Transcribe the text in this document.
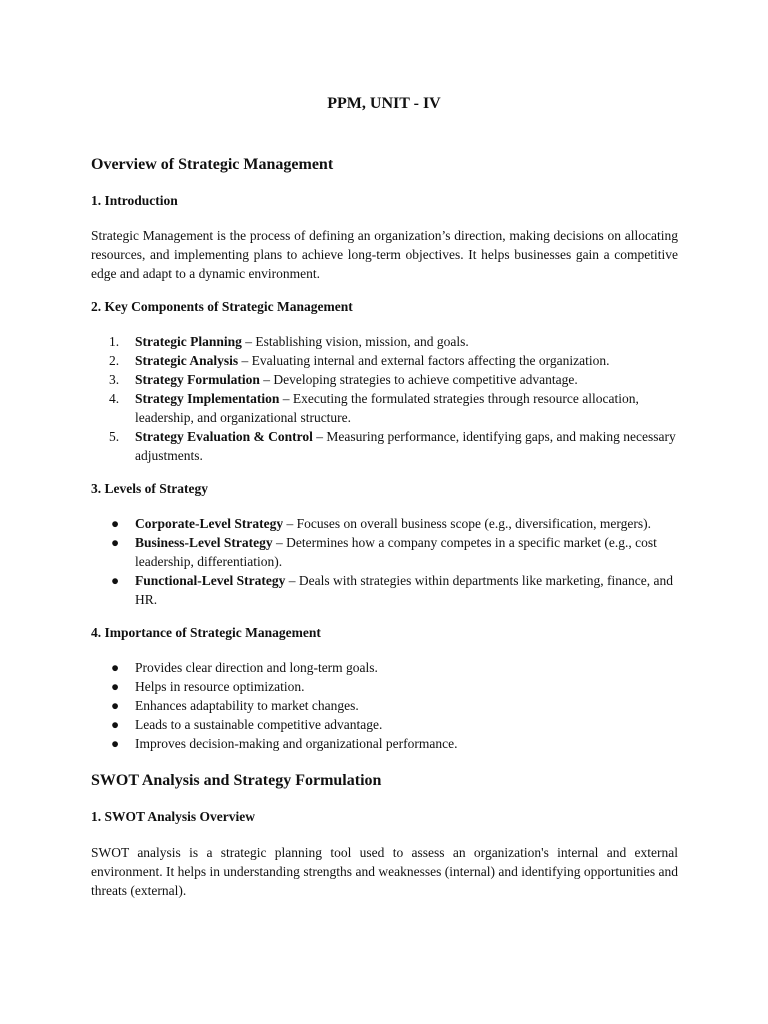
PPM, UNIT - IV
Overview of Strategic Management
1. Introduction

Strategic Management is the process of defining an organization’s direction, making decisions on allocating resources, and implementing plans to achieve long-term objectives. It helps businesses gain a competitive edge and adapt to a dynamic environment.

2. Key Components of Strategic Management
1.	Strategic Planning – Establishing vision, mission, and goals.
2.	Strategic Analysis – Evaluating internal and external factors affecting the organization.
3.	Strategy Formulation – Developing strategies to achieve competitive advantage.
4.	Strategy Implementation – Executing the formulated strategies through resource allocation, leadership, and organizational structure.
5.	Strategy Evaluation & Control – Measuring performance, identifying gaps, and making necessary adjustments.
3. Levels of Strategy
● Corporate-Level Strategy – Focuses on overall business scope (e.g., diversification, mergers).
● Business-Level Strategy – Determines how a company competes in a specific market (e.g., cost leadership, differentiation).
● Functional-Level Strategy – Deals with strategies within departments like marketing, finance, and HR.
4. Importance of Strategic Management
● Provides clear direction and long-term goals.
● Helps in resource optimization.
● Enhances adaptability to market changes.
● Leads to a sustainable competitive advantage.
● Improves decision-making and organizational performance.
SWOT Analysis and Strategy Formulation
1. SWOT Analysis Overview

SWOT analysis is a strategic planning tool used to assess an organization's internal and external environment. It helps in understanding strengths and weaknesses (internal) and identifying opportunities and threats (external).
